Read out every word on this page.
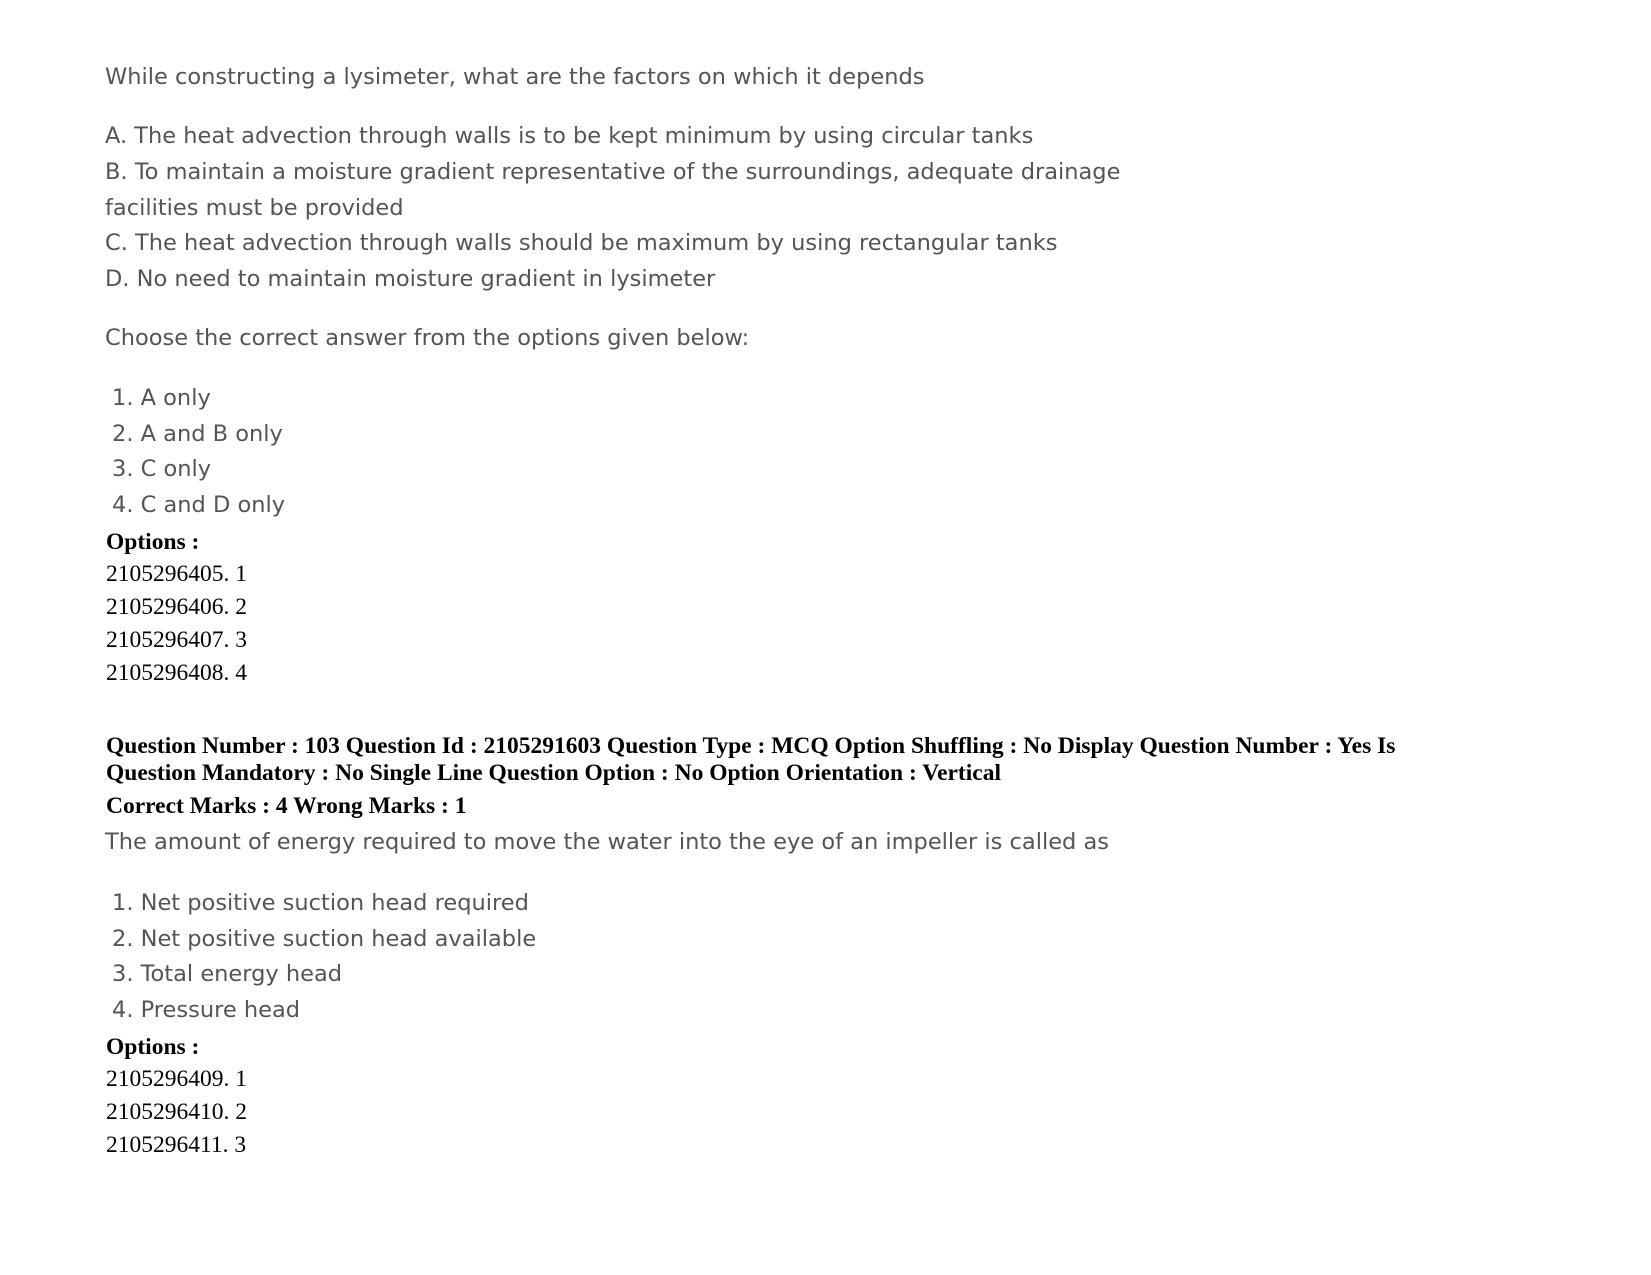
While constructing a lysimeter, what are the factors on which it depends
A. The heat advection through walls is to be kept minimum by using circular tanks
B. To maintain a moisture gradient representative of the surroundings, adequate drainage
facilities must be provided
C. The heat advection through walls should be maximum by using rectangular tanks
D. No need to maintain moisture gradient in lysimeter
Choose the correct answer from the options given below:
1. A only
2. A and B only
3. C only
4. C and D only
Options :
2105296405. 1
2105296406. 2
2105296407. 3
2105296408. 4
Question Number : 103 Question Id : 2105291603 Question Type : MCQ Option Shuffling : No Display Question Number : Yes Is
Question Mandatory : No Single Line Question Option : No Option Orientation : Vertical
Correct Marks : 4 Wrong Marks : 1
The amount of energy required to move the water into the eye of an impeller is called as
1. Net positive suction head required
2. Net positive suction head available
3. Total energy head
4. Pressure head
Options :
2105296409. 1
2105296410. 2
2105296411. 3
